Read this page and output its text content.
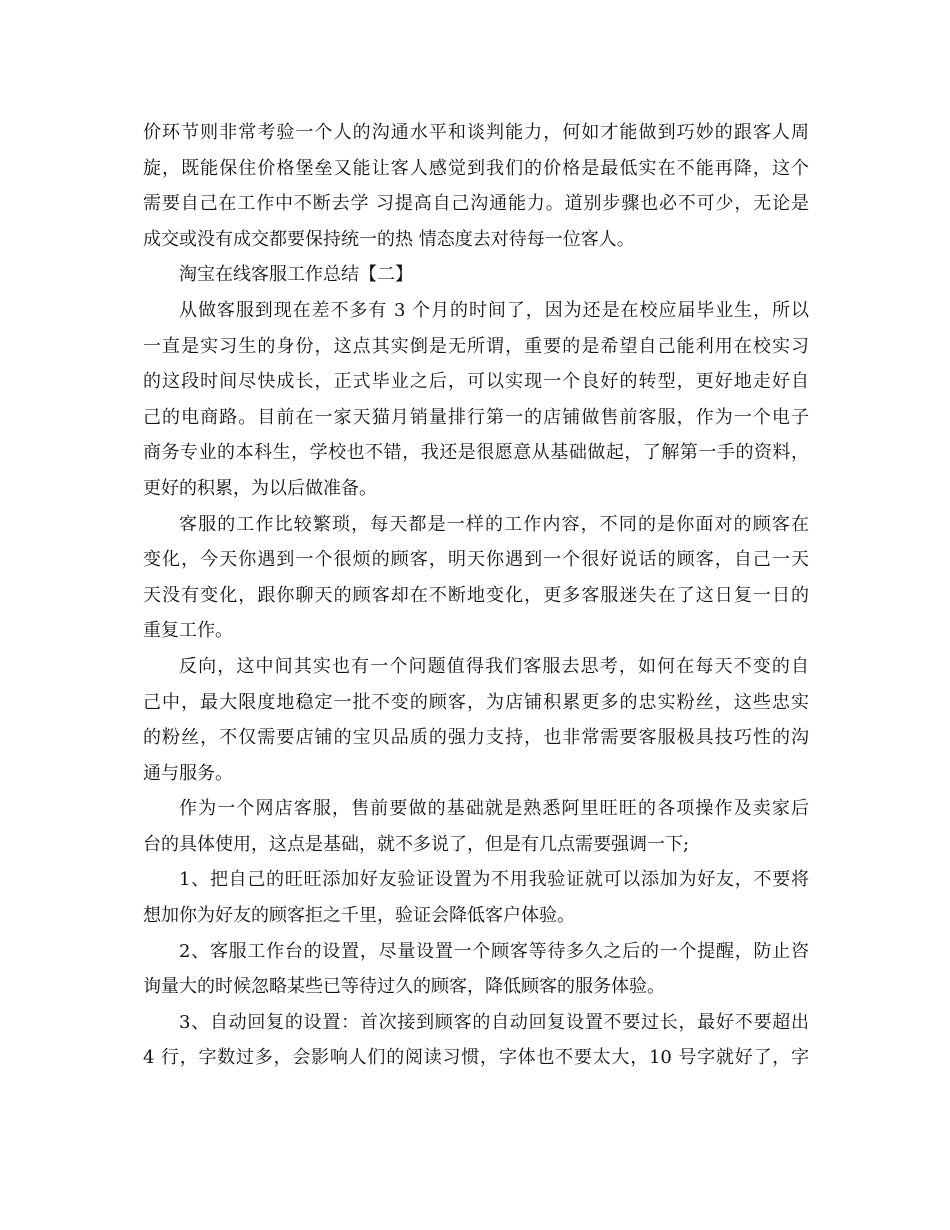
价环节则非常考验一个人的沟通水平和谈判能力，何如才能做到巧妙的跟客人周
旋，既能保住价格堡垒又能让客人感觉到我们的价格是最低实在不能再降，这个
需要自己在工作中不断去学 习提高自己沟通能力。道别步骤也必不可少，无论是
成交或没有成交都要保持统一的热 情态度去对待每一位客人。
淘宝在线客服工作总结【二】
从做客服到现在差不多有 3 个月的时间了，因为还是在校应届毕业生，所以
一直是实习生的身份，这点其实倒是无所谓，重要的是希望自己能利用在校实习
的这段时间尽快成长，正式毕业之后，可以实现一个良好的转型，更好地走好自
己的电商路。目前在一家天猫月销量排行第一的店铺做售前客服，作为一个电子
商务专业的本科生，学校也不错，我还是很愿意从基础做起，了解第一手的资料，
更好的积累，为以后做准备。
客服的工作比较繁琐，每天都是一样的工作内容，不同的是你面对的顾客在
变化，今天你遇到一个很烦的顾客，明天你遇到一个很好说话的顾客，自己一天
天没有变化，跟你聊天的顾客却在不断地变化，更多客服迷失在了这日复一日的
重复工作。
反向，这中间其实也有一个问题值得我们客服去思考，如何在每天不变的自
己中，最大限度地稳定一批不变的顾客，为店铺积累更多的忠实粉丝，这些忠实
的粉丝，不仅需要店铺的宝贝品质的强力支持，也非常需要客服极具技巧性的沟
通与服务。
作为一个网店客服，售前要做的基础就是熟悉阿里旺旺的各项操作及卖家后
台的具体使用，这点是基础，就不多说了，但是有几点需要强调一下;
1、把自己的旺旺添加好友验证设置为不用我验证就可以添加为好友，不要将
想加你为好友的顾客拒之千里，验证会降低客户体验。
2、客服工作台的设置，尽量设置一个顾客等待多久之后的一个提醒，防止咨
询量大的时候忽略某些已等待过久的顾客，降低顾客的服务体验。
3、自动回复的设置：首次接到顾客的自动回复设置不要过长，最好不要超出
4 行，字数过多，会影响人们的阅读习惯，字体也不要太大，10 号字就好了，字
